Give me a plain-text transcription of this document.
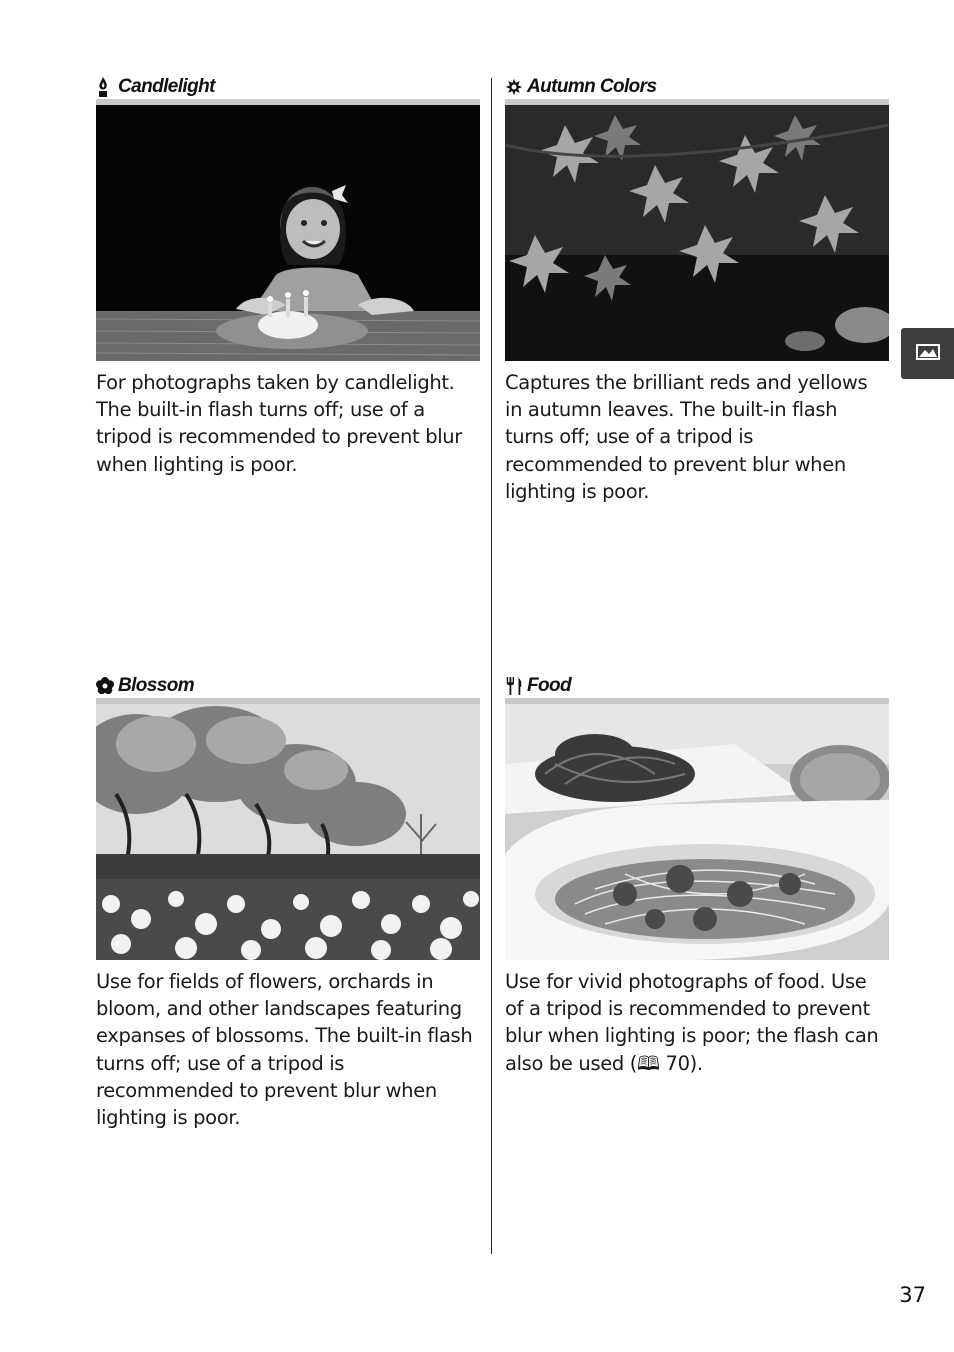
Candlelight
For photographs taken by candlelight. The built-in flash turns off; use of a tripod is recommended to prevent blur when lighting is poor.
Autumn Colors
Captures the brilliant reds and yellows in autumn leaves. The built-in flash turns off; use of a tripod is recommended to prevent blur when lighting is poor.
Blossom
Use for fields of flowers, orchards in bloom, and other landscapes featuring expanses of blossoms. The built-in flash turns off; use of a tripod is recommended to prevent blur when lighting is poor.
Food
Use for vivid photographs of food. Use of a tripod is recommended to prevent blur when lighting is poor; the flash can also be used (🕮 70).
37
